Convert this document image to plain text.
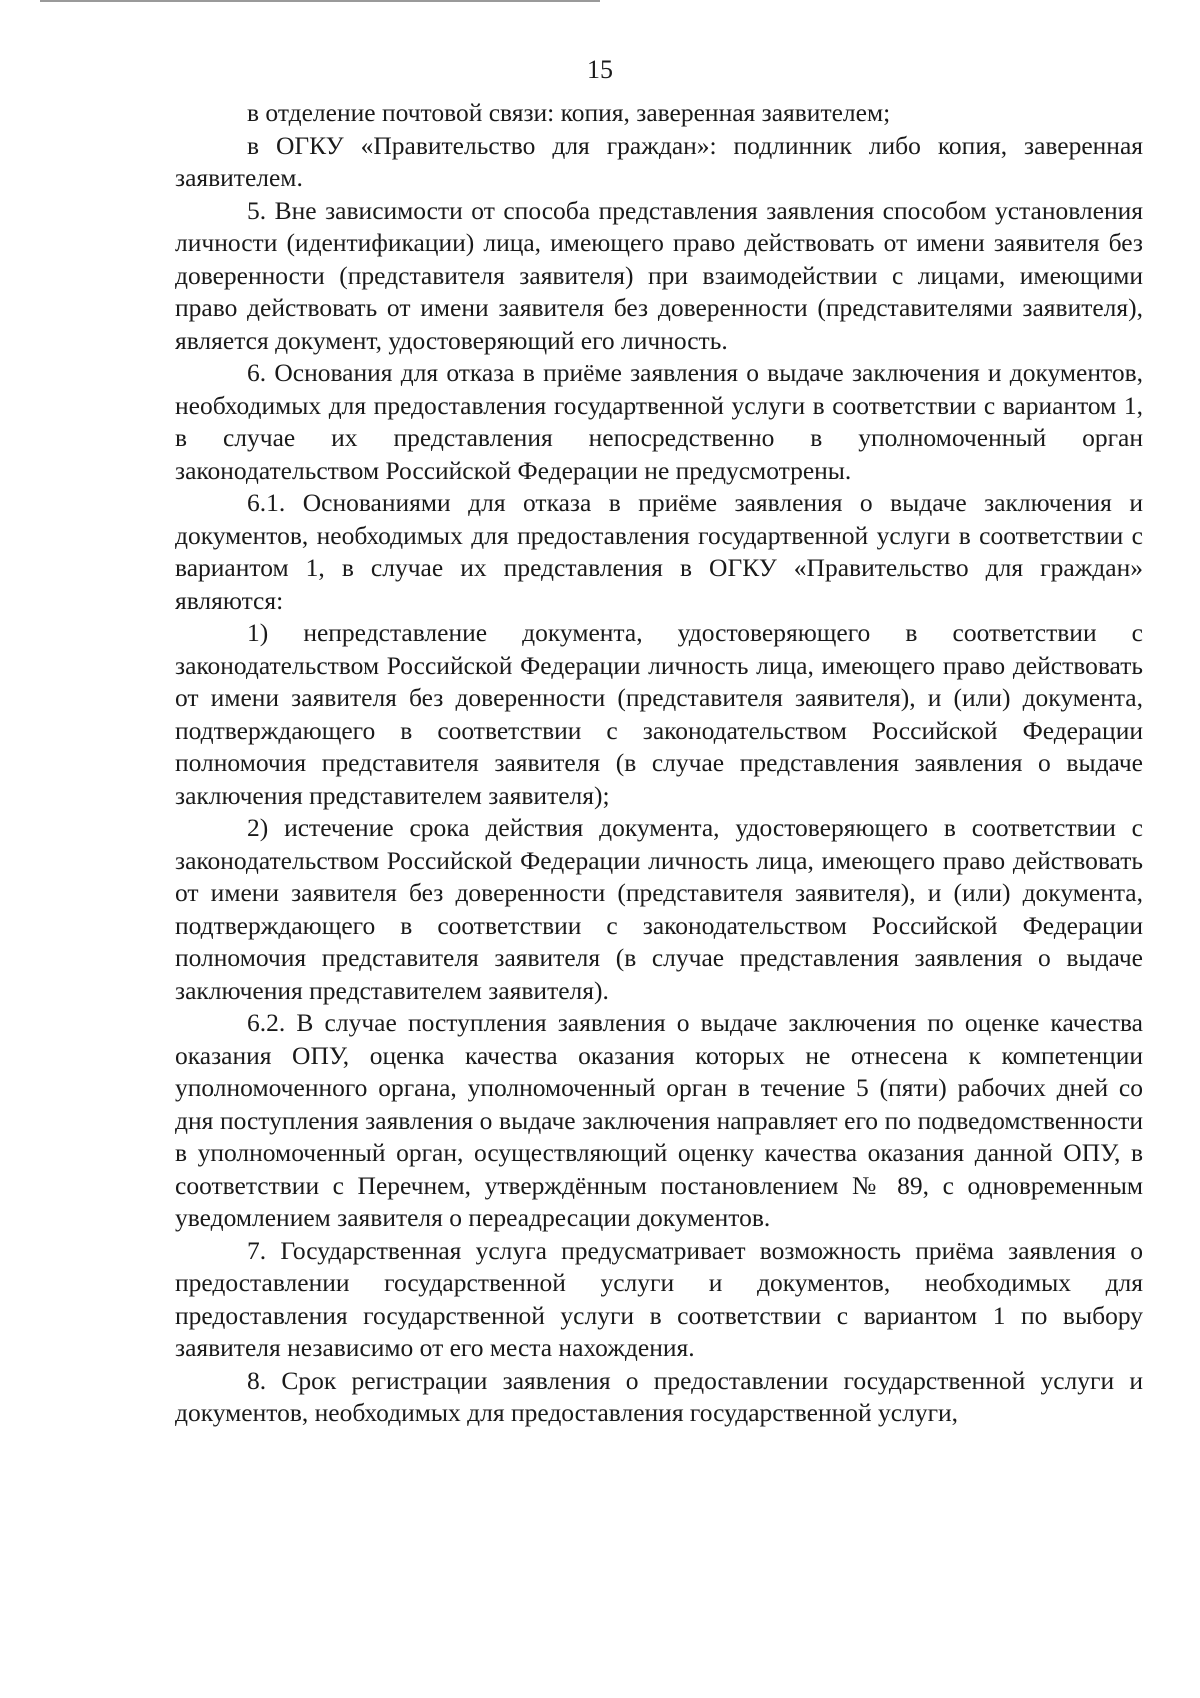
15

в отделение почтовой связи: копия, заверенная заявителем;

в ОГКУ «Правительство для граждан»: подлинник либо копия, заверенная заявителем.

5. Вне зависимости от способа представления заявления способом установления личности (идентификации) лица, имеющего право действовать от имени заявителя без доверенности (представителя заявителя) при взаимодействии с лицами, имеющими право действовать от имени заявителя без доверенности (представителями заявителя), является документ, удостоверяющий его личность.

6. Основания для отказа в приёме заявления о выдаче заключения и документов, необходимых для предоставления государтвенной услуги в соответствии с вариантом 1, в случае их представления непосредственно в уполномоченный орган законодательством Российской Федерации не предусмотрены.

6.1. Основаниями для отказа в приёме заявления о выдаче заключения и документов, необходимых для предоставления государтвенной услуги в соответствии с вариантом 1, в случае их представления в ОГКУ «Правительство для граждан» являются:

1) непредставление документа, удостоверяющего в соответствии с законодательством Российской Федерации личность лица, имеющего право действовать от имени заявителя без доверенности (представителя заявителя), и (или) документа, подтверждающего в соответствии с законодательством Российской Федерации полномочия представителя заявителя (в случае представления заявления о выдаче заключения представителем заявителя);

2) истечение срока действия документа, удостоверяющего в соответствии с законодательством Российской Федерации личность лица, имеющего право действовать от имени заявителя без доверенности (представителя заявителя), и (или) документа, подтверждающего в соответствии с законодательством Российской Федерации полномочия представителя заявителя (в случае представления заявления о выдаче заключения представителем заявителя).

6.2. В случае поступления заявления о выдаче заключения по оценке качества оказания ОПУ, оценка качества оказания которых не отнесена к компетенции уполномоченного органа, уполномоченный орган в течение 5 (пяти) рабочих дней со дня поступления заявления о выдаче заключения направляет его по подведомственности в уполномоченный орган, осуществляющий оценку качества оказания данной ОПУ, в соответствии с Перечнем, утверждённым постановлением № 89, с одновременным уведомлением заявителя о переадресации документов.

7. Государственная услуга предусматривает возможность приёма заявления о предоставлении государственной услуги и документов, необходимых для предоставления государственной услуги в соответствии с вариантом 1 по выбору заявителя независимо от его места нахождения.

8. Срок регистрации заявления о предоставлении государственной услуги и документов, необходимых для предоставления государственной услуги,
